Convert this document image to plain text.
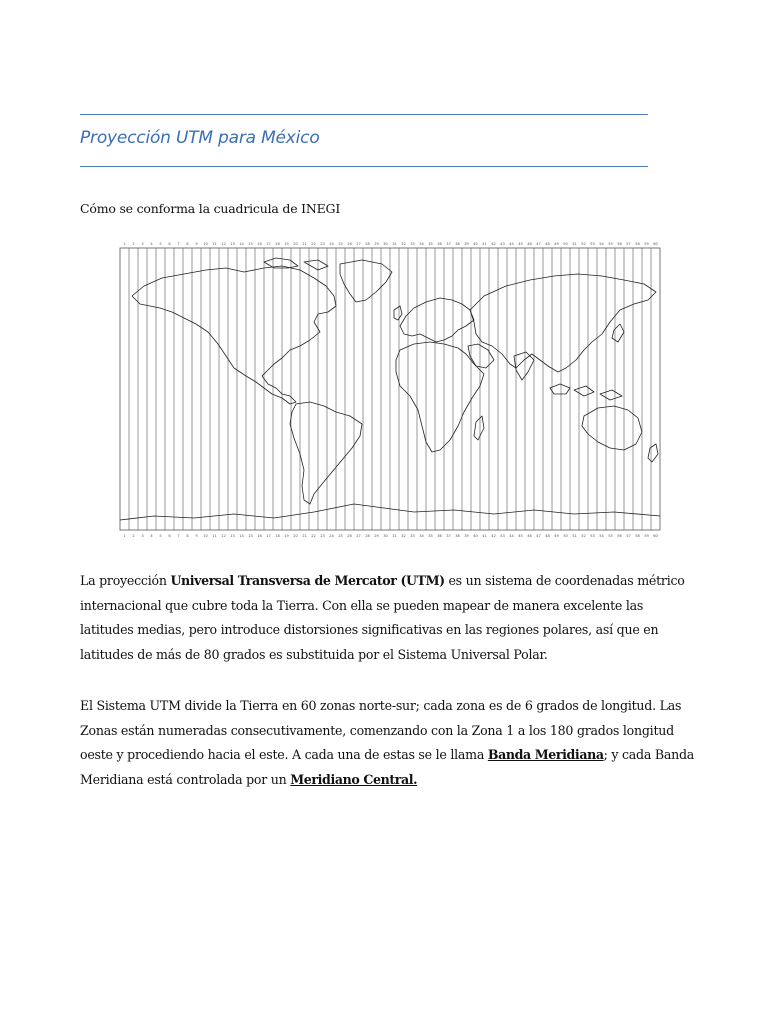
Proyección UTM para México
Cómo se conforma la cuadricula de INEGI
1 2 3 4 5 6 7 8 9 10 11 12 13 14 15 16 17 18 19 20 21 22 23 24 25 26 27 28 29 30 31 32 33 34 35 36 37 38 39 40 41 42 43 44 45 46 47 48 49 50 51 52 53 54 55 56 57 58 59 60
1 2 3 4 5 6 7 8 9 10 11 12 13 14 15 16 17 18 19 20 21 22 23 24 25 26 27 28 29 30 31 32 33 34 35 36 37 38 39 40 41 42 43 44 45 46 47 48 49 50 51 52 53 54 55 56 57 58 59 60
La proyección Universal Transversa de Mercator (UTM) es un sistema de coordenadas métrico internacional que cubre toda la Tierra. Con ella se pueden mapear de manera excelente las latitudes medias, pero introduce distorsiones significativas en las regiones polares, así que en latitudes de más de 80 grados es substituida por el Sistema Universal Polar.
El Sistema UTM divide la Tierra en 60 zonas norte-sur; cada zona es de 6 grados de longitud. Las Zonas están numeradas consecutivamente, comenzando con la Zona 1 a los 180 grados longitud oeste y procediendo hacia el este. A cada una de estas se le llama Banda Meridiana; y cada Banda Meridiana está controlada por un Meridiano Central.
